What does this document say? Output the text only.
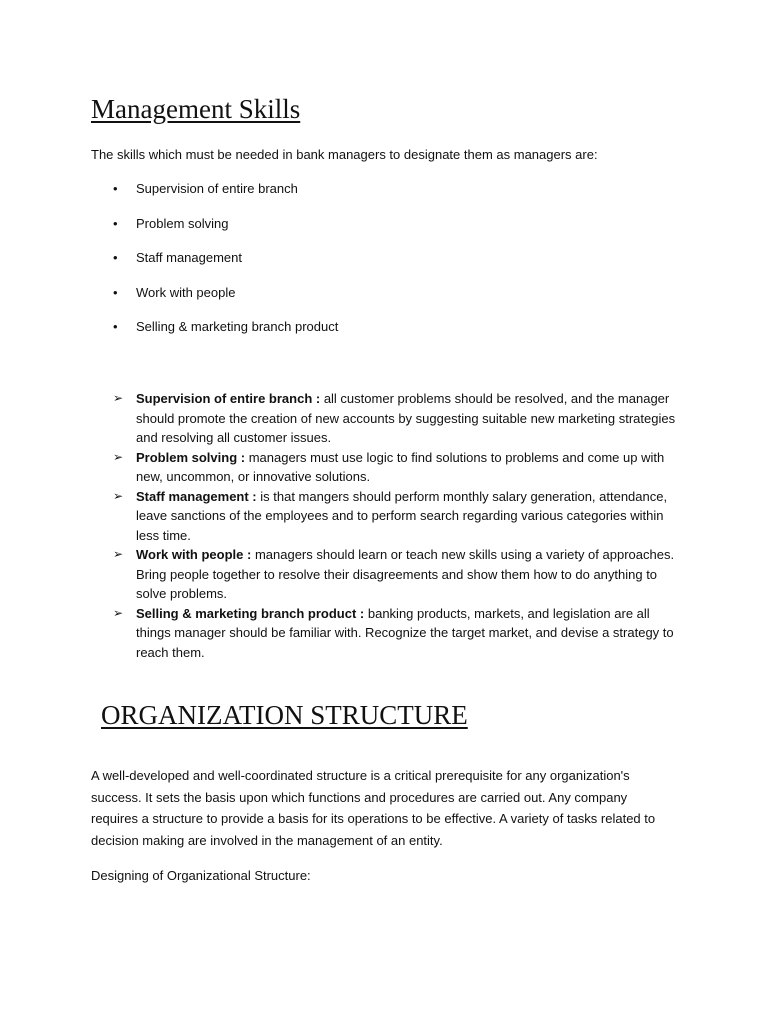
Management Skills

The skills which must be needed in bank managers to designate them as managers are:

• Supervision of entire branch
• Problem solving
• Staff management
• Work with people
• Selling & marketing branch product
➢ Supervision of entire branch : all customer problems should be resolved, and the manager should promote the creation of new accounts by suggesting suitable new marketing strategies and resolving all customer issues.
➢ Problem solving : managers must use logic to find solutions to problems and come up with new, uncommon, or innovative solutions.
➢ Staff management : is that mangers should perform monthly salary generation, attendance, leave sanctions of the employees and to perform search regarding various categories within less time.
➢ Work with people : managers should learn or teach new skills using a variety of approaches. Bring people together to resolve their disagreements and show them how to do anything to solve problems.
➢ Selling & marketing branch product : banking products, markets, and legislation are all things manager should be familiar with. Recognize the target market, and devise a strategy to reach them.
ORGANIZATION STRUCTURE

A well-developed and well-coordinated structure is a critical prerequisite for any organization's success. It sets the basis upon which functions and procedures are carried out. Any company requires a structure to provide a basis for its operations to be effective. A variety of tasks related to decision making are involved in the management of an entity.

Designing of Organizational Structure:
